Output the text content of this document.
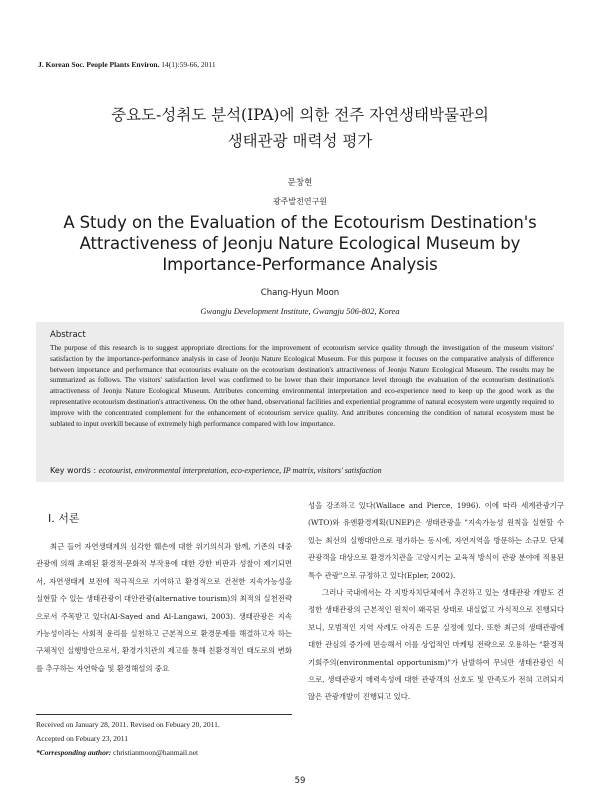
J. Korean Soc. People Plants Environ. 14(1):59-66, 2011
중요도-성취도 분석(IPA)에 의한 전주 자연생태박물관의
생태관광 매력성 평가
문창현
광주발전연구원
A Study on the Evaluation of the Ecotourism Destination's
Attractiveness of Jeonju Nature Ecological Museum by
Importance-Performance Analysis
Chang-Hyun Moon
Gwangju Development Institute, Gwangju 506-802, Korea
Abstract
The purpose of this research is to suggest appropriate directions for the improvement of ecotourism service quality through the investigation of the museum visitors' satisfaction by the importance-performance analysis in case of Jeonju Nature Ecological Museum. For this purpose it focuses on the comparative analysis of difference between importance and performance that ecotourists evaluate on the ecotourism destination's attractiveness of Jeonju Nature Ecological Museum. The results may be summarized as follows. The visitors' satisfaction level was confirmed to be lower than their importance level through the evaluation of the ecotourism destination's attractiveness of Jeonju Nature Ecological Museum. Attributes concerning environmental interpretation and eco-experience need to keep up the good work as the representative ecotourism destination's attractiveness. On the other hand, observational facilities and experiential programme of natural ecosystem were urgently required to improve with the concentrated complement for the enhancement of ecotourism service quality. And attributes concerning the condition of natural ecosystem must be sublated to input overkill because of extremely high performance compared with low importance.
Key words : ecotourist, environmental interpretation, eco-experience, IP matrix, visitors' satisfaction
Ⅰ. 서론

최근 들어 자연생태계의 심각한 훼손에 대한 위기의식과 함께, 기존의 대중관광에 의해 초래된 환경적·문화적 부작용에 대한 강한 비판과 성찰이 제기되면서, 자연생태계 보전에 적극적으로 기여하고 환경적으로 건전한 지속가능성을 실현할 수 있는 생태관광이 대안관광(alternative tourism)의 최적의 실천전략으로서 주목받고 있다(Al-Sayed and Al-Langawi, 2003). 생태관광은 지속가능성이라는 사회적 윤리를 실천하고 근본적으로 환경문제를 해결하고자 하는 구체적인 실행방안으로서, 환경가치관의 제고를 통해 친환경적인 태도로의 변화를 추구하는 자연학습 및 환경해설의 중요

성을 강조하고 있다(Wallace and Pierce, 1996). 이에 따라 세계관광기구(WTO)와 유엔환경계획(UNEP)은 생태관광을 "지속가능성 원칙을 실현할 수 있는 최선의 실행대안으로 평가하는 동시에, 자연지역을 방문하는 소규모 단체관광객을 대상으로 환경가치관을 고양시키는 교육적 방식이 관광 분야에 적용된 특수 관광"으로 규정하고 있다(Epler, 2002).

그러나 국내에서는 각 지방자치단체에서 추진하고 있는 생태관광 개발도 견정한 생태관광의 근본적인 원칙이 왜곡된 상태로 내실없고 가식적으로 진행되다 보니, 모범적인 지역 사례도 아직은 드문 실정에 있다. 또한 최근의 생태관광에 대한 관심의 증가에 편승해서 이를 상업적인 마케팅 전략으로 오용하는 "환경적 기회주의(environmental opportunism)"가 남발하여 무늬만 생태관광인 식으로, 생태관광지 매력속성에 대한 관광객의 선호도 및 만족도가 전혀 고려되지 않은 관광개발이 진행되고 있다.

Received on January 28, 2011. Revised on Febuary 20, 2011.
Accepted on Febuary 23, 2011
*Corresponding author: christianmoon@hanmail.net
59
